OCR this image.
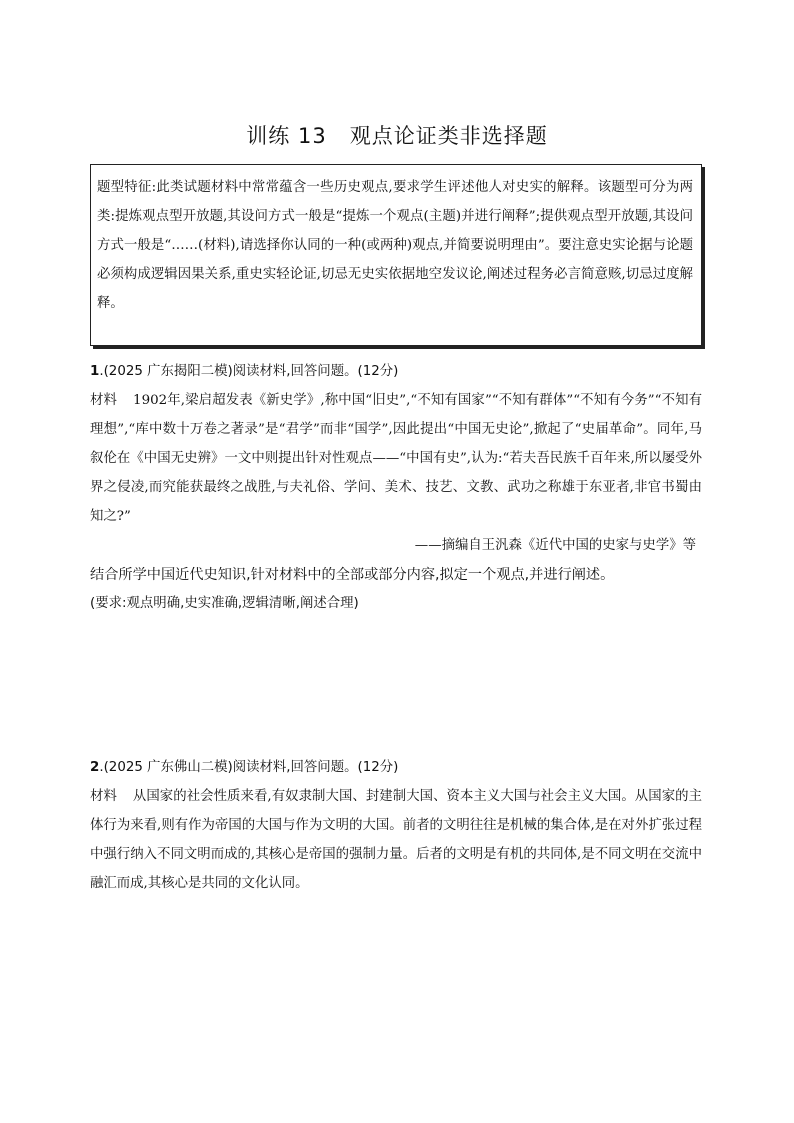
训练 13 观点论证类非选择题

题型特征:此类试题材料中常常蕴含一些历史观点,要求学生评述他人对史实的解释。该题型可分为两类:提炼观点型开放题,其设问方式一般是“提炼一个观点(主题)并进行阐释”;提供观点型开放题,其设问方式一般是“……(材料),请选择你认同的一种(或两种)观点,并简要说明理由”。要注意史实论据与论题必须构成逻辑因果关系,重史实轻论证,切忌无史实依据地空发议论,阐述过程务必言简意赅,切忌过度解释。

1.(2025 广东揭阳二模)阅读材料,回答问题。(12分)

材料 1902年,梁启超发表《新史学》,称中国“旧史”,“不知有国家”“不知有群体”“不知有今务”“不知有理想”,“库中数十万卷之著录”是“君学”而非“国学”,因此提出“中国无史论”,掀起了“史届革命”。同年,马叙伦在《中国无史辨》一文中则提出针对性观点——“中国有史”,认为:“若夫吾民族千百年来,所以屡受外界之侵凌,而究能获最终之战胜,与夫礼俗、学问、美术、技艺、文教、武功之称雄于东亚者,非官书蜀由知之?”

——摘编自王汎森《近代中国的史家与史学》等

结合所学中国近代史知识,针对材料中的全部或部分内容,拟定一个观点,并进行阐述。

(要求:观点明确,史实准确,逻辑清晰,阐述合理)

2.(2025 广东佛山二模)阅读材料,回答问题。(12分)

材料 从国家的社会性质来看,有奴隶制大国、封建制大国、资本主义大国与社会主义大国。从国家的主体行为来看,则有作为帝国的大国与作为文明的大国。前者的文明往往是机械的集合体,是在对外扩张过程中强行纳入不同文明而成的,其核心是帝国的强制力量。后者的文明是有机的共同体,是不同文明在交流中融汇而成,其核心是共同的文化认同。
